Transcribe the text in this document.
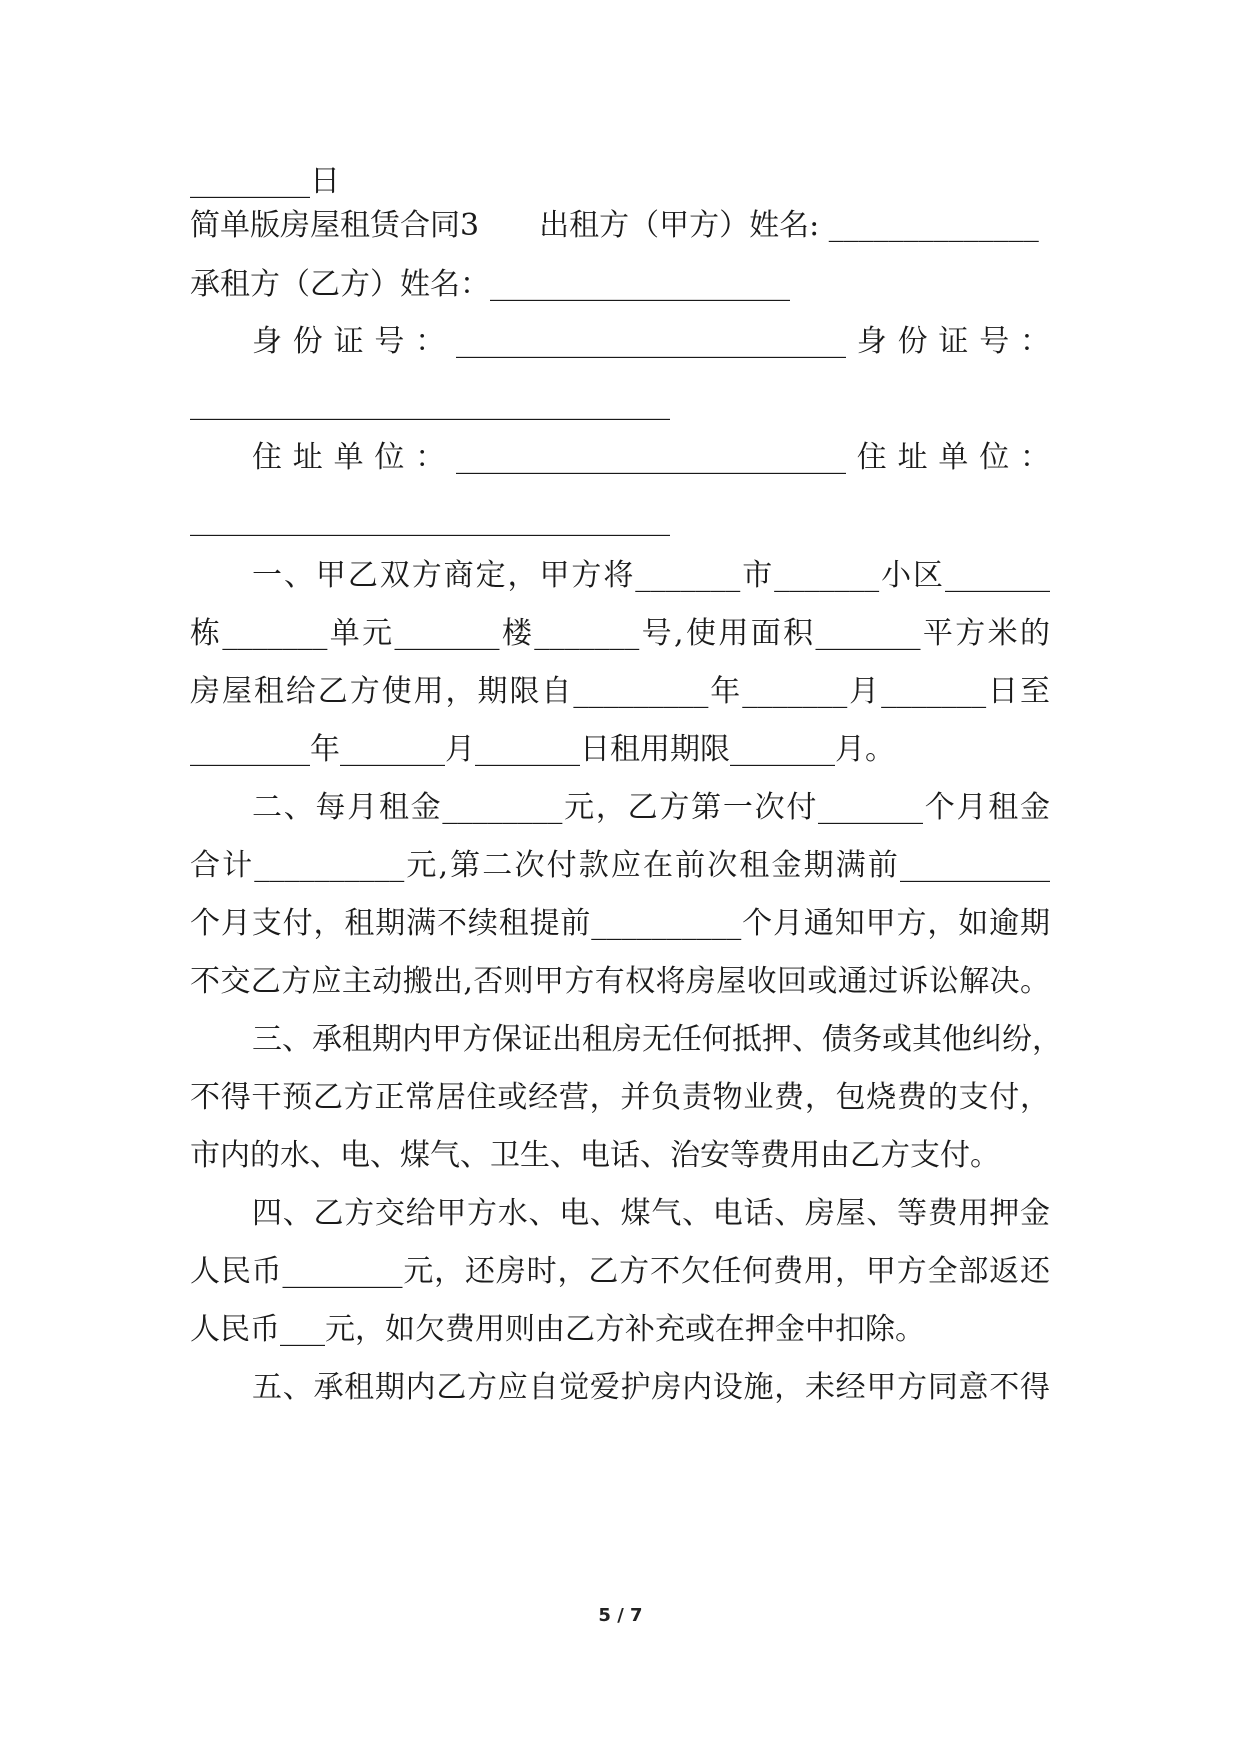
________日
简单版房屋租赁合同3　　出租方（甲方）姓名: ______________
承租方（乙方）姓名：____________________
身份证号：__________________________身份证号：
________________________________
住址单位：__________________________住址单位：
________________________________
一、甲乙双方商定，甲方将_______市_______小区_______
栋_______单元_______楼_______号,使用面积_______平方米的
房屋租给乙方使用，期限自_________年_______月_______日至
________年_______月_______日租用期限_______月。
二、每月租金________元，乙方第一次付_______个月租金
合计__________元,第二次付款应在前次租金期满前__________
个月支付，租期满不续租提前__________个月通知甲方，如逾期
不交乙方应主动搬出,否则甲方有权将房屋收回或通过诉讼解决。
三、承租期内甲方保证出租房无任何抵押、债务或其他纠纷，
不得干预乙方正常居住或经营，并负责物业费，包烧费的支付，
市内的水、电、煤气、卫生、电话、治安等费用由乙方支付。
四、乙方交给甲方水、电、煤气、电话、房屋、等费用押金
人民币________元，还房时，乙方不欠任何费用，甲方全部返还
人民币___元，如欠费用则由乙方补充或在押金中扣除。
五、承租期内乙方应自觉爱护房内设施，未经甲方同意不得
5 / 7
